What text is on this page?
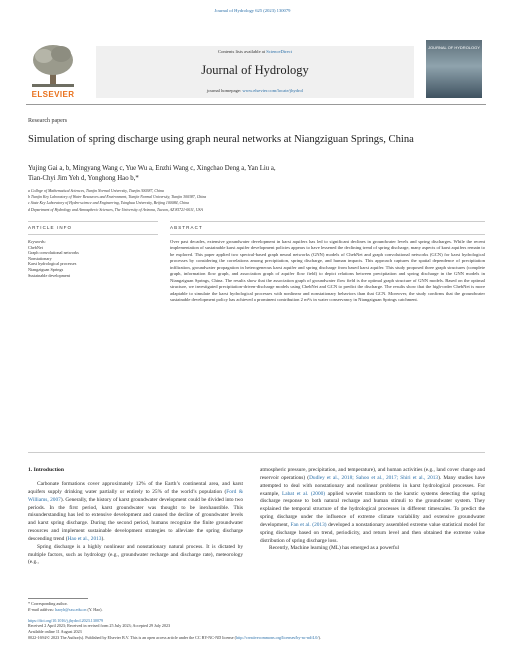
Journal of Hydrology 625 (2023) 130079
ELSEVIER
Contents lists available at ScienceDirect
Journal of Hydrology
journal homepage: www.elsevier.com/locate/jhydrol
JOURNAL OF HYDROLOGY
Research papers
Simulation of spring discharge using graph neural networks at Niangziguan Springs, China
Yujing Gai a, b, Mingyang Wang c, Yue Wu a, Enzhi Wang c, Xingchao Deng a, Yan Liu a,
Tian-Chyi Jim Yeh d, Yonghong Hao b,*
a College of Mathematical Sciences, Tianjin Normal University, Tianjin 300387, China
b Tianjin Key Laboratory of Water Resources and Environment, Tianjin Normal University, Tianjin 300387, China
c State Key Laboratory of Hydro-science and Engineering, Tsinghua University, Beijing 100084, China
d Department of Hydrology and Atmospheric Sciences, The University of Arizona, Tucson, AZ 85721-0011, USA
ARTICLE INFO	ABSTRACT
Keywords:
ChebNet
Graph convolutional networks
Nonstationary
Karst hydrological processes
Niangziguan Springs
Sustainable development
Over past decades, extensive groundwater development in karst aquifers has led to significant declines in groundwater levels and spring discharges. While the recent implementation of sustainable karst aquifer development policies appears to have lessened the declining trend of spring discharge, many aspects of karst aquifers remain to be explored. This paper applied two spectral-based graph neural networks (GNN) models of ChebNet and graph convolutional networks (GCN) for karst hydrological processes by considering the correlations among precipitation, spring discharge, and human impacts. This approach captures the spatial dependence of precipitation infiltration, groundwater propagation in heterogeneous karst aquifer and spring discharge from based karst aquifer. This study proposed three graph structures (complete graph, information flow graph, and association graph of aquifer flow field) to depict relations between precipitation and spring discharge in the GNN models in Niangziguan Springs, China. The results show that the association graph of groundwater flow field is the optimal graph structure of GNN models. Based on the optimal structure, we investigated precipitation-driven-discharge models using ChebNet and GCN to predict the discharge. The results show that the high-order ChebNet is more adaptable to simulate the karst hydrological processes with nonlinear and nonstationary behaviors than that GCN. Moreover, the study confirms that the groundwater sustainable development policy has achieved a prominent contribution 2 m³/s in water conservancy in Niangziguan Springs catchment.
1. Introduction

Carbonate formations cover approximately 12% of the Earth’s continental area, and karst aquifers supply drinking water partially or entirely to 25% of the world’s population (Ford & Williams, 2007). Generally, the history of karst groundwater development could be divided into two periods. In the first period, karst groundwater was thought to be inexhaustible. This misunderstanding has led to extensive development and caused the decline of groundwater levels and karst spring discharge. During the second period, humans recognize the finite groundwater resources and implement sustainable development strategies to alleviate the spring discharge descending trend (Hao et al., 2013).

Spring discharge is a highly nonlinear and nonstationary natural process. It is dictated by multiple factors, such as hydrology (e.g., groundwater recharge and discharge rate), meteorology (e.g.,

atmospheric pressure, precipitation, and temperature), and human activities (e.g., land cover change and reservoir operations) (Dudley et al., 2018; Sahoo et al., 2017; Shiri et al., 2013). Many studies have attempted to deal with nonstationary and nonlinear problems in karst hydrological processes. For example, Labat et al. (2000) applied wavelet transform to the karstic systems detecting the spring discharge response to both natural recharge and human stimuli to the groundwater system. They explained the temporal structure of the hydrological processes in different timescales. To predict the spring discharge under the influence of extreme climate variability and extensive groundwater development, Fan et al. (2013) developed a nonstationary assembled extreme value statistical model for spring discharge based on trend, periodicity, and return level and then obtained the extreme value distribution of spring discharge loss.

Recently, Machine learning (ML) has emerged as a powerful

* Corresponding author.
E-mail address: haoyh@sxu.edu.cn (Y. Hao).
https://doi.org/10.1016/j.jhydrol.2023.130079
Received 2 April 2023; Received in revised form 25 July 2023; Accepted 29 July 2023
Available online 11 August 2023
0022-1694/© 2023 The Author(s). Published by Elsevier B.V. This is an open access article under the CC BY-NC-ND license (http://creativecommons.org/licenses/by-nc-nd/4.0/).
